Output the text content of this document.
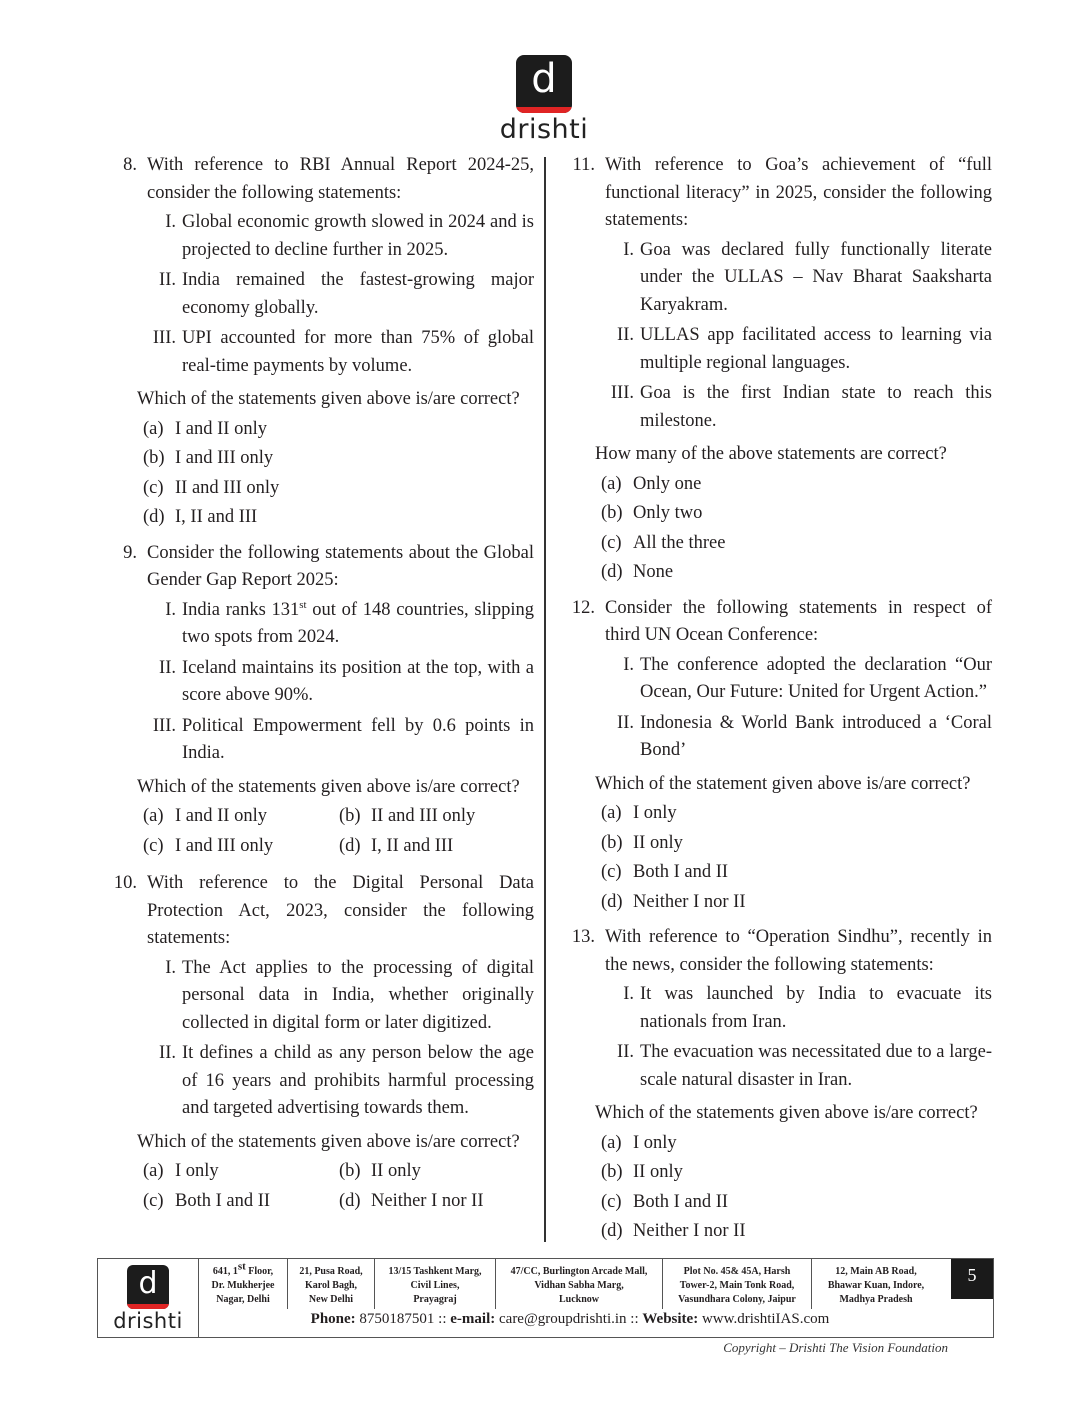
d
drishti
8. With reference to RBI Annual Report 2024-25, consider the following statements:
I. Global economic growth slowed in 2024 and is projected to decline further in 2025.
II. India remained the fastest-growing major economy globally.
III. UPI accounted for more than 75% of global real-time payments by volume.
Which of the statements given above is/are correct?
(a) I and II only
(b) I and III only
(c) II and III only
(d) I, II and III
9. Consider the following statements about the Global Gender Gap Report 2025:
I. India ranks 131st out of 148 countries, slipping two spots from 2024.
II. Iceland maintains its position at the top, with a score above 90%.
III. Political Empowerment fell by 0.6 points in India.
Which of the statements given above is/are correct?
(a) I and II only	(b) II and III only
(c) I and III only	(d) I, II and III
10. With reference to the Digital Personal Data Protection Act, 2023, consider the following statements:
I. The Act applies to the processing of digital personal data in India, whether originally collected in digital form or later digitized.
II. It defines a child as any person below the age of 16 years and prohibits harmful processing and targeted advertising towards them.
Which of the statements given above is/are correct?
(a) I only	(b) II only
(c) Both I and II	(d) Neither I nor II
11. With reference to Goa’s achievement of “full functional literacy” in 2025, consider the following statements:
I. Goa was declared fully functionally literate under the ULLAS – Nav Bharat Saaksharta Karyakram.
II. ULLAS app facilitated access to learning via multiple regional languages.
III. Goa is the first Indian state to reach this milestone.
How many of the above statements are correct?
(a) Only one
(b) Only two
(c) All the three
(d) None
12. Consider the following statements in respect of third UN Ocean Conference:
I. The conference adopted the declaration “Our Ocean, Our Future: United for Urgent Action.”
II. Indonesia & World Bank introduced a ‘Coral Bond’
Which of the statement given above is/are correct?
(a) I only
(b) II only
(c) Both I and II
(d) Neither I nor II
13. With reference to “Operation Sindhu”, recently in the news, consider the following statements:
I. It was launched by India to evacuate its nationals from Iran.
II. The evacuation was necessitated due to a large-scale natural disaster in Iran.
Which of the statements given above is/are correct?
(a) I only
(b) II only
(c) Both I and II
(d) Neither I nor II
d
drishti
641, 1st Floor,
Dr. Mukherjee
Nagar, Delhi
21, Pusa Road,
Karol Bagh,
New Delhi
13/15 Tashkent Marg,
Civil Lines,
Prayagraj
47/CC, Burlington Arcade Mall,
Vidhan Sabha Marg,
Lucknow
Plot No. 45& 45A, Harsh
Tower-2, Main Tonk Road,
Vasundhara Colony, Jaipur
12, Main AB Road,
Bhawar Kuan, Indore,
Madhya Pradesh
5
Phone: 8750187501 :: e-mail: care@groupdrishti.in :: Website: www.drishtiIAS.com
Copyright – Drishti The Vision Foundation
